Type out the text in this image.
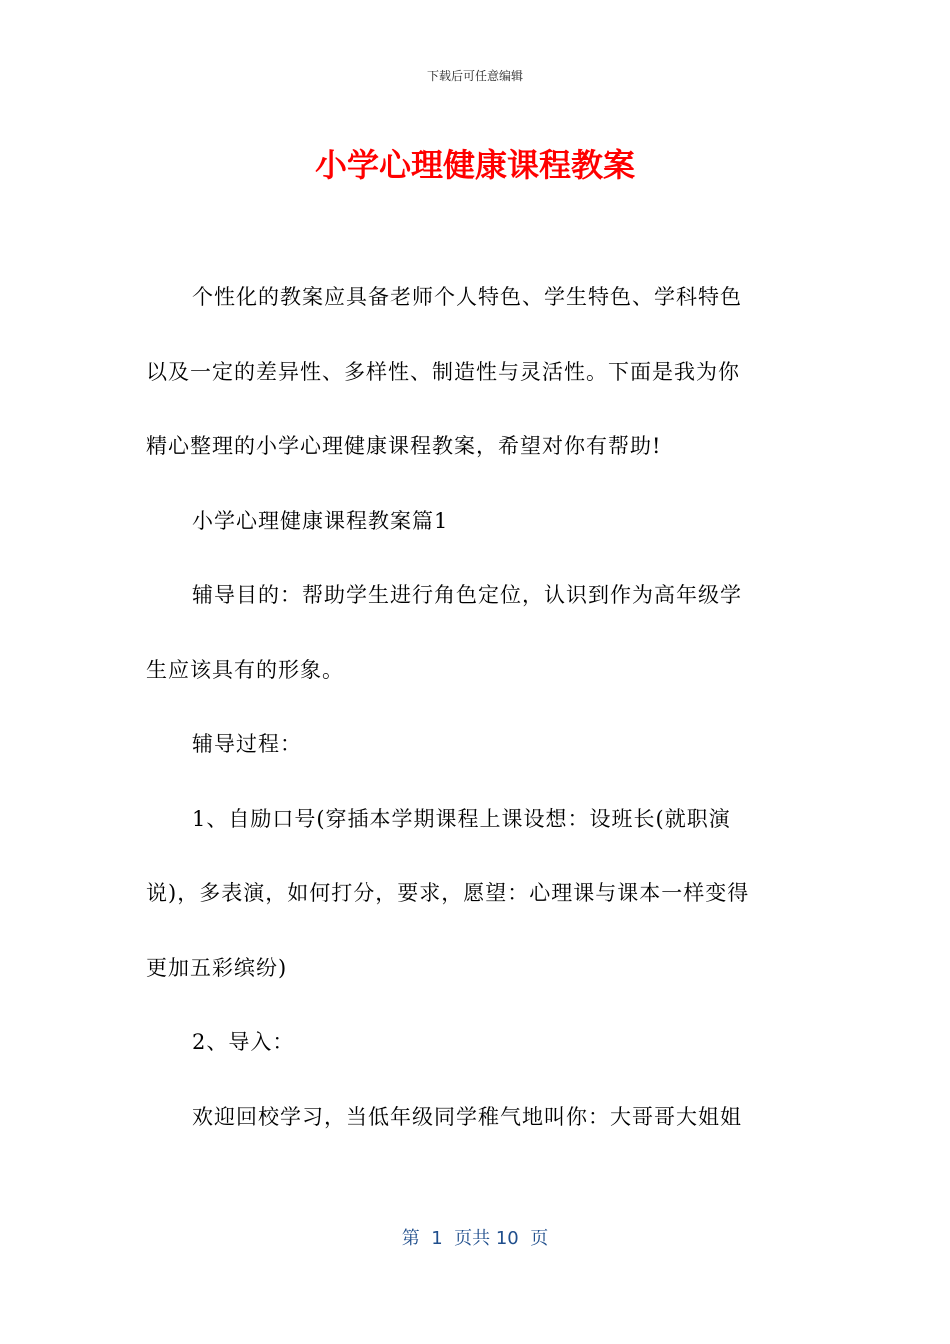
下载后可任意编辑
小学心理健康课程教案
个性化的教案应具备老师个人特色、学生特色、学科特色
以及一定的差异性、多样性、制造性与灵活性。下面是我为你
精心整理的小学心理健康课程教案，希望对你有帮助!
小学心理健康课程教案篇1
辅导目的：帮助学生进行角色定位，认识到作为高年级学
生应该具有的形象。
辅导过程：
1、自励口号(穿插本学期课程上课设想：设班长(就职演
说)，多表演，如何打分，要求，愿望：心理课与课本一样变得
更加五彩缤纷)
2、导入：
欢迎回校学习，当低年级同学稚气地叫你：大哥哥大姐姐
第  1  页共 10  页
